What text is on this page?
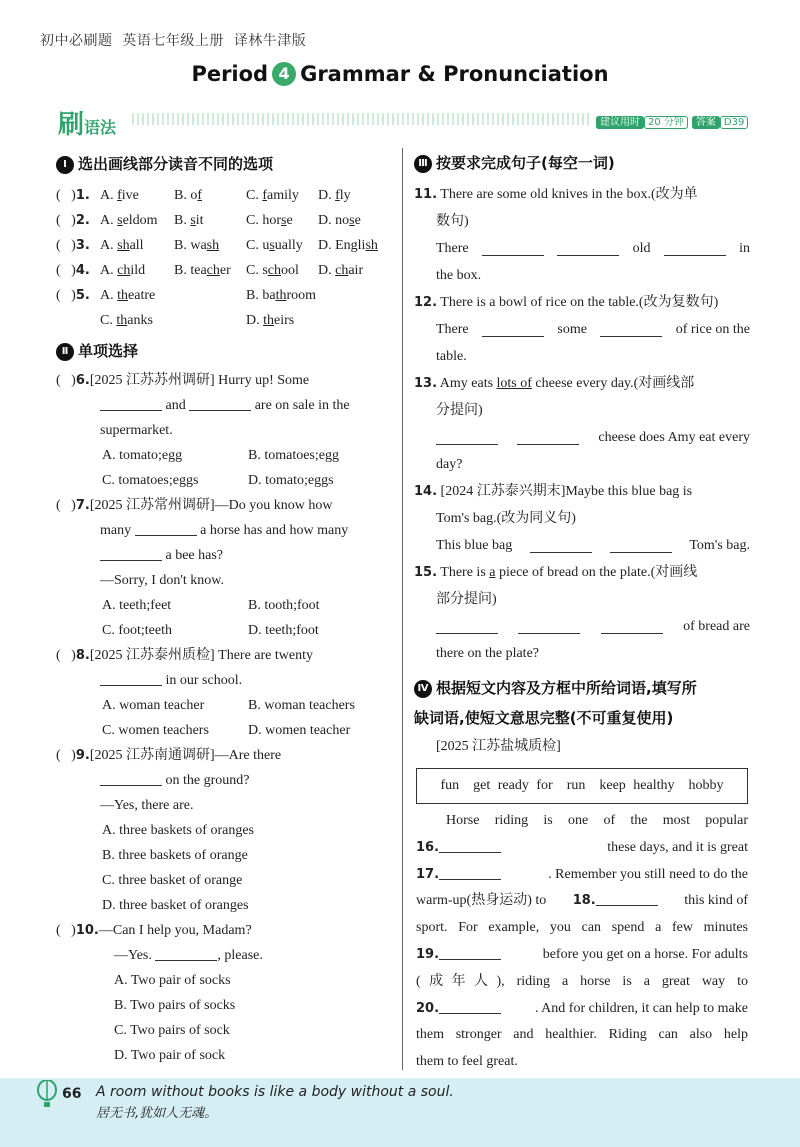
初中必刷题 英语七年级上册 译林牛津版
Period 4 Grammar & Pronunciation
刷语法	建议用时 20 分钟 答案 D39
Ⅰ 选出画线部分读音不同的选项
(   )1. A. five	B. of	C. family	D. fly
(   )2. A. seldom	B. sit	C. horse	D. nose
(   )3. A. shall	B. wash	C. usually	D. English
(   )4. A. child	B. teacher	C. school	D. chair
(   )5. A. theatre	B. bathroom
C. thanks	D. theirs
Ⅱ 单项选择
(   )6.[2025 江苏苏州调研] Hurry up! Some
and	are on sale in the
supermarket.
A. tomato;egg	B. tomatoes;egg
C. tomatoes;eggs	D. tomato;eggs
(   )7.[2025 江苏常州调研]—Do you know how
many	a horse has and how many
a bee has?
—Sorry, I don't know.
A. teeth;feet	B. tooth;foot
C. foot;teeth	D. teeth;foot
(   )8.[2025 江苏泰州质检] There are twenty
in our school.
A. woman teacher	B. woman teachers
C. women teachers	D. women teacher
(   )9.[2025 江苏南通调研]—Are there
on the ground?
—Yes, there are.
A. three baskets of oranges
B. three baskets of orange
C. three basket of orange
D. three basket of oranges
(   )10.—Can I help you, Madam?
—Yes.	, please.
A. Two pair of socks
B. Two pairs of socks
C. Two pairs of sock
D. Two pair of sock
Ⅲ 按要求完成句子(每空一词)
11. There are some old knives in the box.(改为单
数句)
There	old	in
the box.
12. There is a bowl of rice on the table.(改为复数句)
There	some	of rice on the
table.
13. Amy eats lots of cheese every day.(对画线部
分提问)
cheese does Amy eat every
day?
14. [2024 江苏泰兴期末]Maybe this blue bag is
Tom's bag.(改为同义句)
This blue bag	Tom's bag.
15. There is a piece of bread on the plate.(对画线
部分提问)
of bread are
there on the plate?
Ⅳ 根据短文内容及方框中所给词语,填写所
缺词语,使短文意思完整(不可重复使用)
[2025 江苏盐城质检]
fun get ready for run keep healthy hobby
Horse riding is one of the most popular
16.	these days, and it is great
17.	. Remember you still need to do the
warm-up(热身运动) to 18.	this kind of
sport. For example, you can spend a few minutes
19.	before you get on a horse. For adults
(成年人), riding a horse is a great way to
20.	. And for children, it can help to make
them stronger and healthier. Riding can also help
them to feel great.
66 A room without books is like a body without a soul.
居无书,犹如人无魂。
